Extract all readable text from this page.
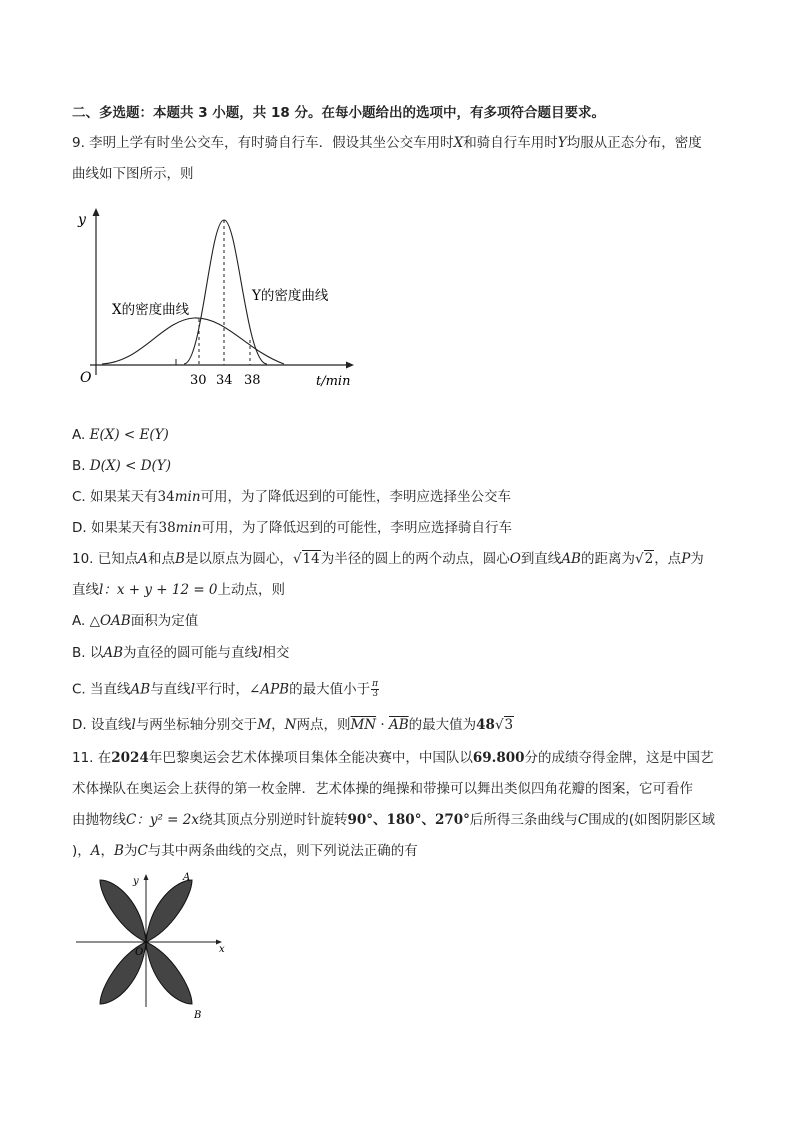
二、多选题：本题共 3 小题，共 18 分。在每小题给出的选项中，有多项符合题目要求。
9. 李明上学有时坐公交车，有时骑自行车．假设其坐公交车用时X和骑自行车用时Y均服从正态分布，密度
曲线如下图所示，则
y
O	t/min
30 34 38
X的密度曲线
Y的密度曲线
A. E(X) < E(Y)
B. D(X) < D(Y)
C. 如果某天有34min可用，为了降低迟到的可能性，李明应选择坐公交车
D. 如果某天有38min可用，为了降低迟到的可能性，李明应选择骑自行车
10. 已知点A和点B是以原点为圆心，√14为半径的圆上的两个动点，圆心O到直线AB的距离为√2，点P为
直线l：x + y + 12 = 0上动点，则
A. △OAB面积为定值
B. 以AB为直径的圆可能与直线l相交
C. 当直线AB与直线l平行时，∠APB的最大值小于 $\frac{\pi}{3}$
D. 设直线l与两坐标轴分别交于M，N两点，则$\overline{MN} \cdot \overline{AB}$的最大值为48√3
11. 在2024年巴黎奥运会艺术体操项目集体全能决赛中，中国队以69.800分的成绩夺得金牌，这是中国艺
术体操队在奥运会上获得的第一枚金牌．艺术体操的绳操和带操可以舞出类似四角花瓣的图案，它可看作
由抛物线C：y² = 2x绕其顶点分别逆时针旋转90°、180°、270°后所得三条曲线与C围成的(如图阴影区域
)，A，B为C与其中两条曲线的交点，则下列说法正确的有
y
x
O
A
B
